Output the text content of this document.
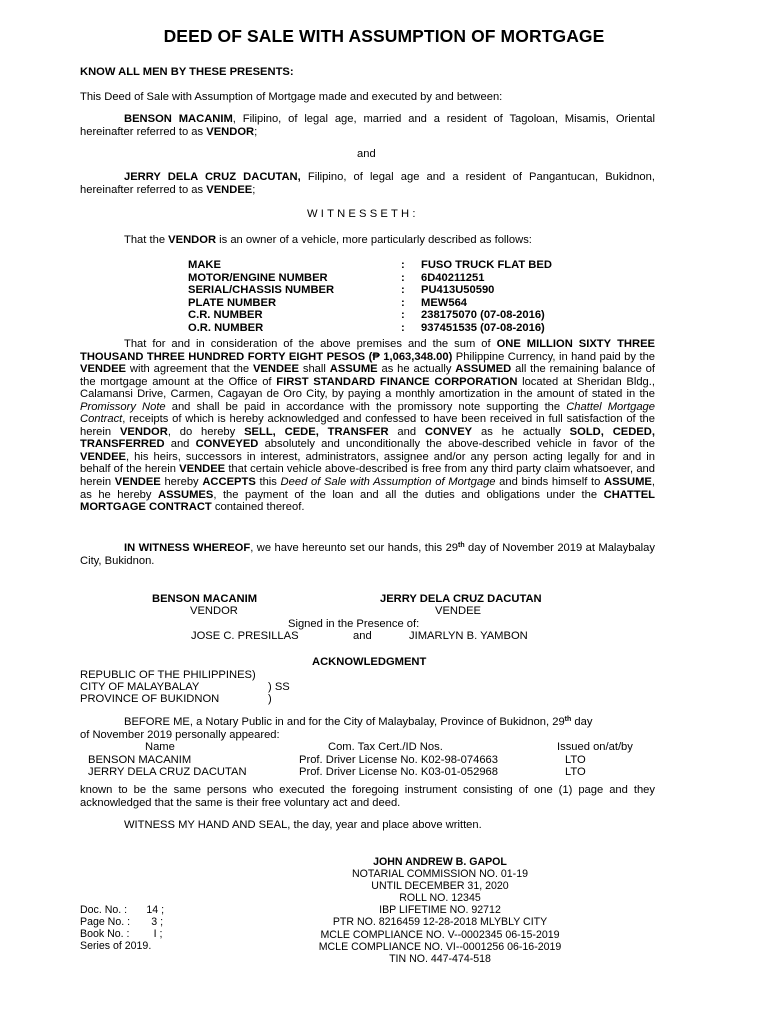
DEED OF SALE WITH ASSUMPTION OF MORTGAGE
KNOW ALL MEN BY THESE PRESENTS:
This Deed of Sale with Assumption of Mortgage made and executed by and between:
BENSON MACANIM, Filipino, of legal age, married and a resident of Tagoloan, Misamis, Oriental hereinafter referred to as VENDOR;
and
JERRY DELA CRUZ DACUTAN, Filipino, of legal age and a resident of Pangantucan, Bukidnon, hereinafter referred to as VENDEE;
WITNESSETH:
That the VENDOR is an owner of a vehicle, more particularly described as follows:
MAKE	: FUSO TRUCK FLAT BED
MOTOR/ENGINE NUMBER	: 6D40211251
SERIAL/CHASSIS NUMBER	: PU413U50590
PLATE NUMBER	: MEW564
C.R. NUMBER	: 238175070 (07-08-2016)
O.R. NUMBER	: 937451535 (07-08-2016)
That for and in consideration of the above premises and the sum of ONE MILLION SIXTY THREE THOUSAND THREE HUNDRED FORTY EIGHT PESOS (₱ 1,063,348.00) Philippine Currency, in hand paid by the VENDEE with agreement that the VENDEE shall ASSUME as he actually ASSUMED all the remaining balance of the mortgage amount at the Office of FIRST STANDARD FINANCE CORPORATION located at Sheridan Bldg., Calamansi Drive, Carmen, Cagayan de Oro City, by paying a monthly amortization in the amount of stated in the Promissory Note and shall be paid in accordance with the promissory note supporting the Chattel Mortgage Contract, receipts of which is hereby acknowledged and confessed to have been received in full satisfaction of the herein VENDOR, do hereby SELL, CEDE, TRANSFER and CONVEY as he actually SOLD, CEDED, TRANSFERRED and CONVEYED absolutely and unconditionally the above-described vehicle in favor of the VENDEE, his heirs, successors in interest, administrators, assignee and/or any person acting legally for and in behalf of the herein VENDEE that certain vehicle above-described is free from any third party claim whatsoever, and herein VENDEE hereby ACCEPTS this Deed of Sale with Assumption of Mortgage and binds himself to ASSUME, as he hereby ASSUMES, the payment of the loan and all the duties and obligations under the CHATTEL MORTGAGE CONTRACT contained thereof.
IN WITNESS WHEREOF, we have hereunto set our hands, this 29th day of November 2019 at Malaybalay City, Bukidnon.
BENSON MACANIM
VENDOR
JERRY DELA CRUZ DACUTAN
VENDEE
Signed in the Presence of:
JOSE C. PRESILLAS	and	JIMARLYN B. YAMBON
ACKNOWLEDGMENT
REPUBLIC OF THE PHILIPPINES)
CITY OF MALAYBALAY	) SS
PROVINCE OF BUKIDNON	)
BEFORE ME, a Notary Public in and for the City of Malaybalay, Province of Bukidnon, 29th day
of November 2019 personally appeared:
Name	Com. Tax Cert./ID Nos.	Issued on/at/by
BENSON MACANIM	Prof. Driver License No. K02-98-074663	LTO
JERRY DELA CRUZ DACUTAN	Prof. Driver License No. K03-01-052968	LTO
known to be the same persons who executed the foregoing instrument consisting of one (1) page and they acknowledged that the same is their free voluntary act and deed.
WITNESS MY HAND AND SEAL, the day, year and place above written.
JOHN ANDREW B. GAPOL
NOTARIAL COMMISSION NO. 01-19
UNTIL DECEMBER 31, 2020
ROLL NO. 12345
IBP LIFETIME NO. 92712
PTR NO. 8216459 12-28-2018 MLYBLY CITY
MCLE COMPLIANCE NO. V--0002345 06-15-2019
MCLE COMPLIANCE NO. VI--0001256 06-16-2019
TIN NO. 447-474-518
Doc. No. : 14 ;
Page No. : 3 ;
Book No. : I ;
Series of 2019.
